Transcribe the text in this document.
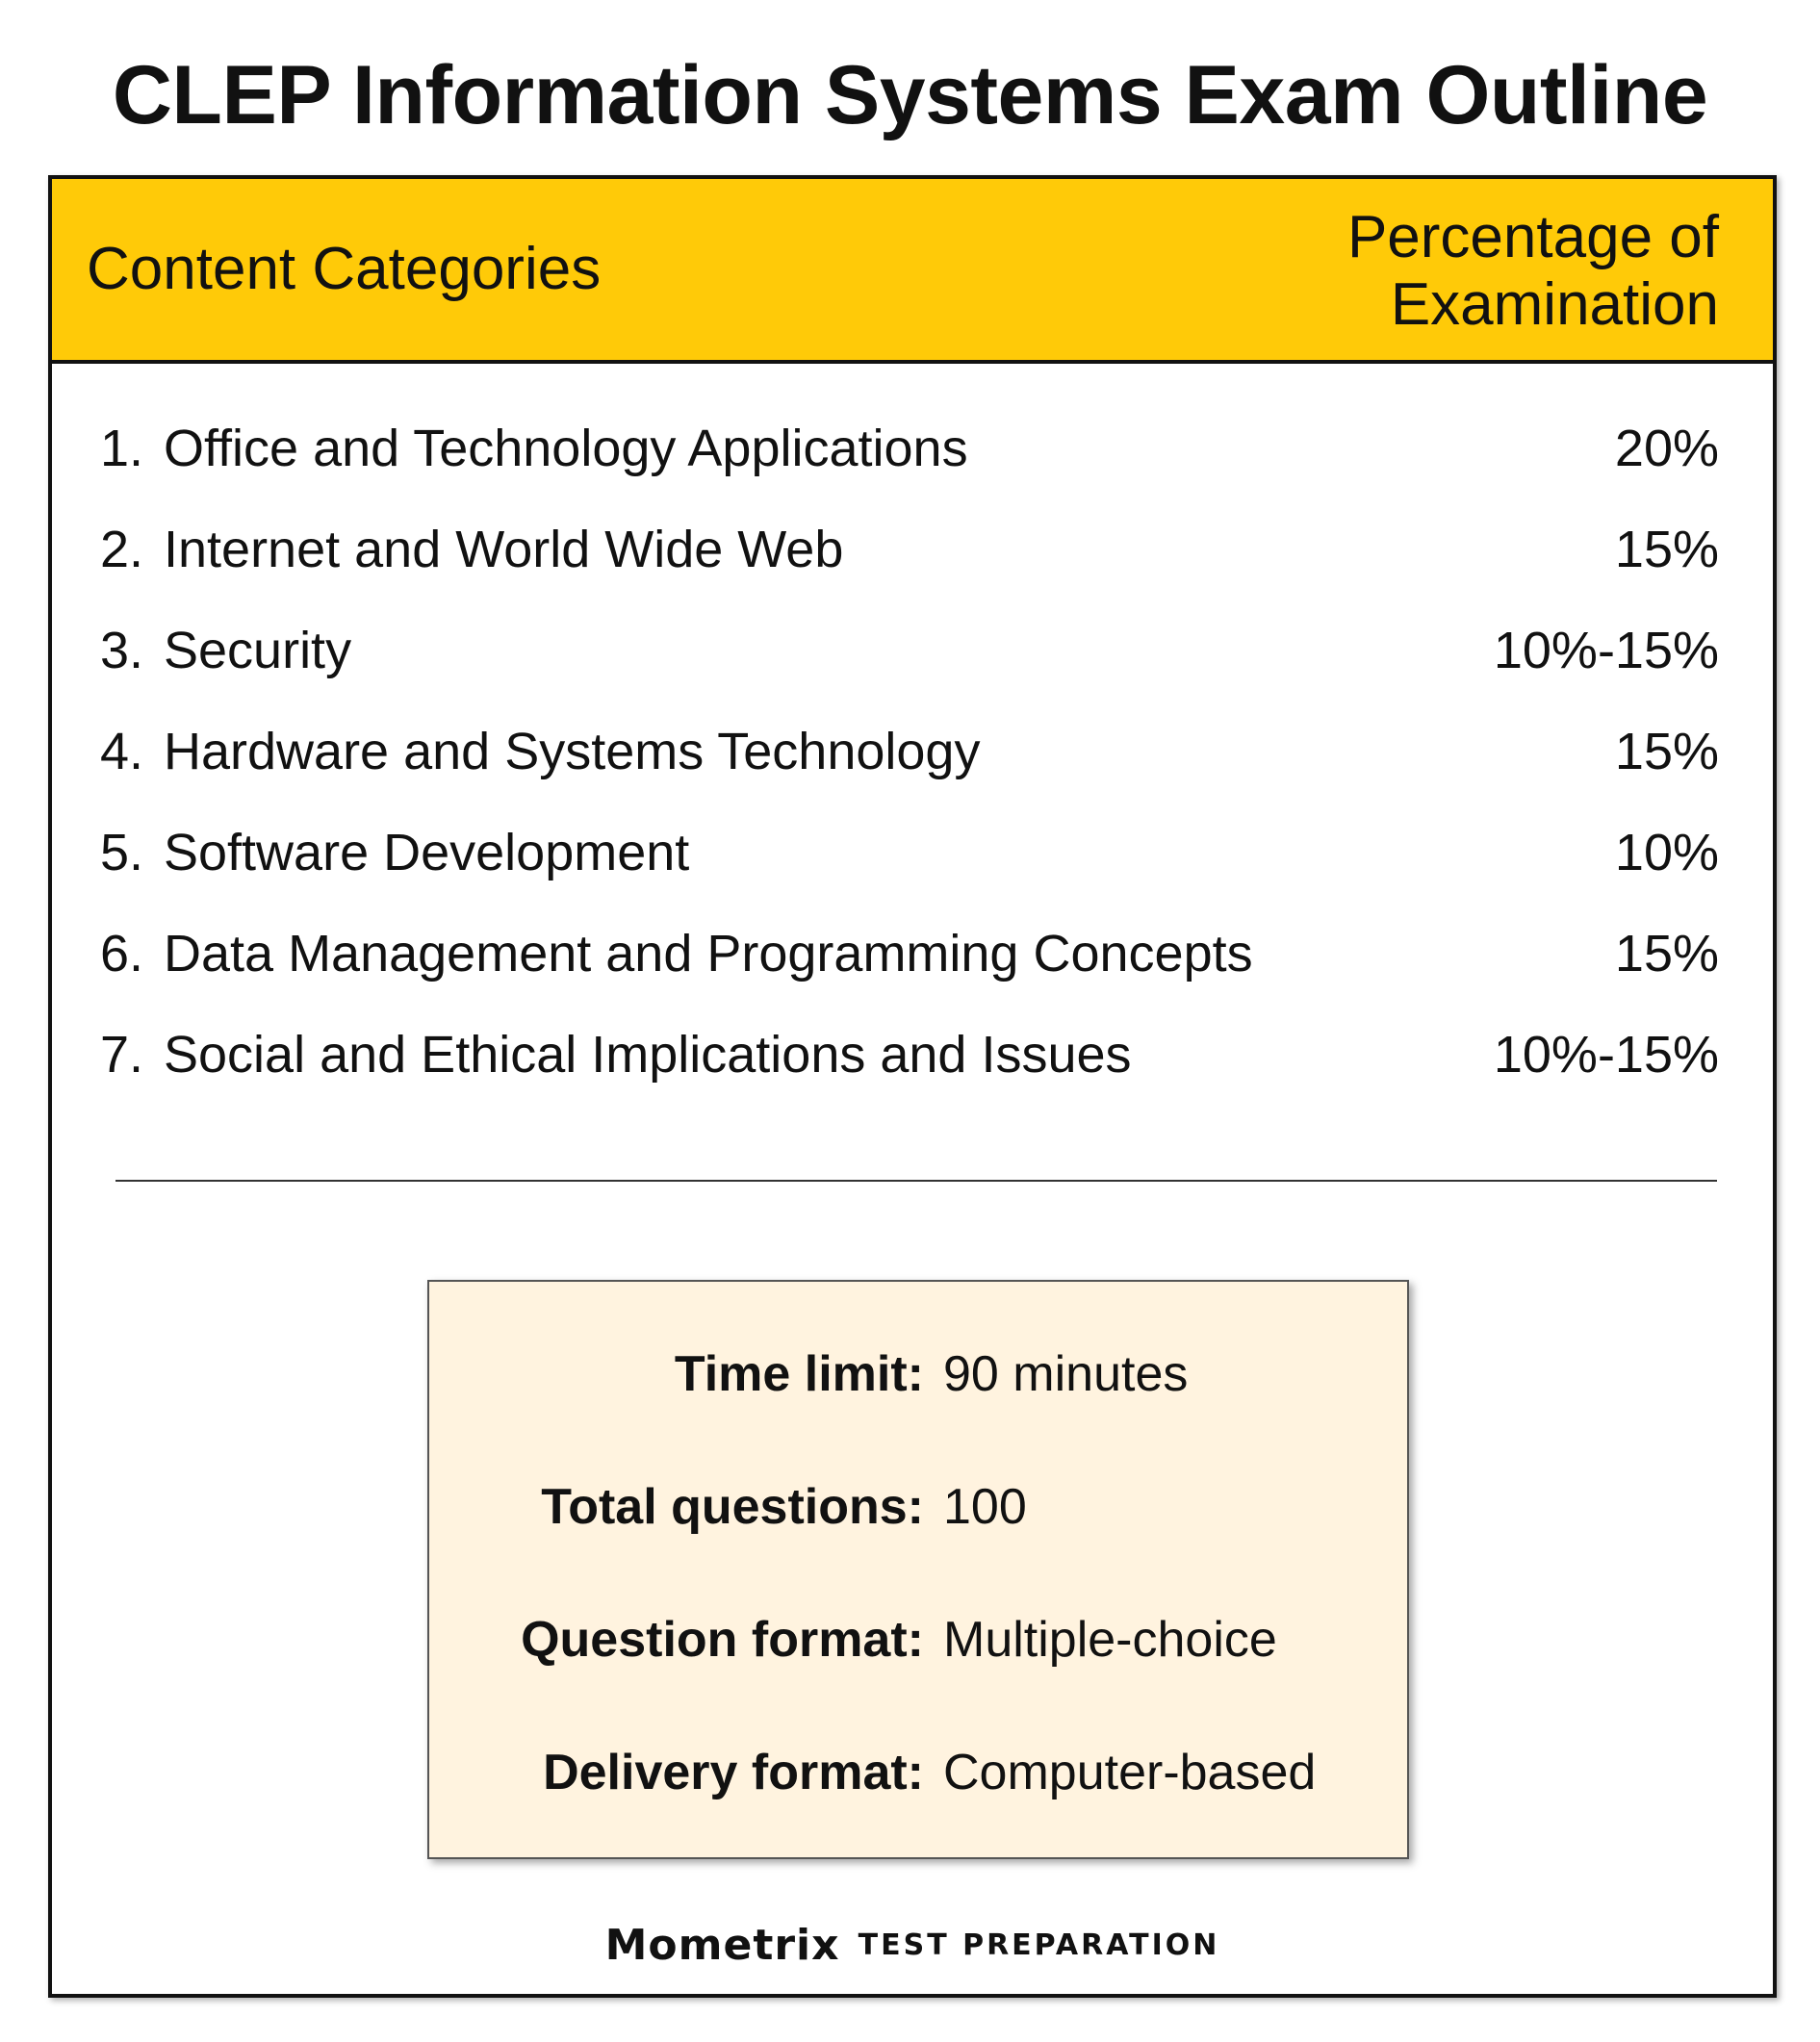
CLEP Information Systems Exam Outline
Content Categories	Percentage of
Examination
1. Office and Technology Applications	20%
2. Internet and World Wide Web	15%
3. Security	10%-15%
4. Hardware and Systems Technology	15%
5. Software Development	10%
6. Data Management and Programming Concepts	15%
7. Social and Ethical Implications and Issues	10%-15%
Time limit: 90 minutes
Total questions: 100
Question format: Multiple-choice
Delivery format: Computer-based
Mometrix TEST PREPARATION
